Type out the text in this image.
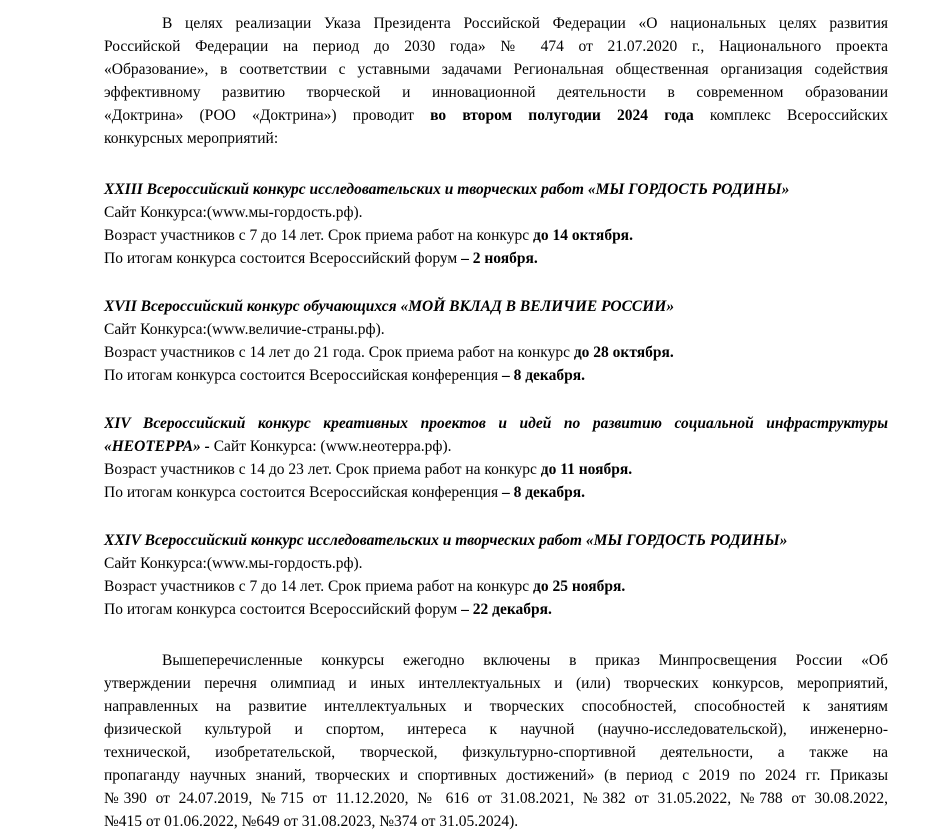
В целях реализации Указа Президента Российской Федерации «О национальных целях развития
Российской Федерации на период до 2030 года» № 474 от 21.07.2020 г., Национального проекта
«Образование», в соответствии с уставными задачами Региональная общественная организация содействия
эффективному развитию творческой и инновационной деятельности в современном образовании
«Доктрина» (РОО «Доктрина») проводит во втором полугодии 2024 года комплекс Всероссийских
конкурсных мероприятий:
XXIII Всероссийский конкурс исследовательских и творческих работ «МЫ ГОРДОСТЬ РОДИНЫ»
Сайт Конкурса:(www.мы-гордость.рф).
Возраст участников с 7 до 14 лет. Срок приема работ на конкурс до 14 октября.
По итогам конкурса состоится Всероссийский форум – 2 ноября.
XVII Всероссийский конкурс обучающихся «МОЙ ВКЛАД В ВЕЛИЧИЕ РОССИИ»
Сайт Конкурса:(www.величие-страны.рф).
Возраст участников с 14 лет до 21 года. Срок приема работ на конкурс до 28 октября.
По итогам конкурса состоится Всероссийская конференция – 8 декабря.
XIV Всероссийский конкурс креативных проектов и идей по развитию социальной инфраструктуры
«НЕОТЕРРА» - Сайт Конкурса: (www.неотерра.рф).
Возраст участников с 14 до 23 лет. Срок приема работ на конкурс до 11 ноября.
По итогам конкурса состоится Всероссийская конференция – 8 декабря.
XXIV Всероссийский конкурс исследовательских и творческих работ «МЫ ГОРДОСТЬ РОДИНЫ»
Сайт Конкурса:(www.мы-гордость.рф).
Возраст участников с 7 до 14 лет. Срок приема работ на конкурс до 25 ноября.
По итогам конкурса состоится Всероссийский форум – 22 декабря.
Вышеперечисленные конкурсы ежегодно включены в приказ Минпросвещения России «Об
утверждении перечня олимпиад и иных интеллектуальных и (или) творческих конкурсов, мероприятий,
направленных на развитие интеллектуальных и творческих способностей, способностей к занятиям
физической культурой и спортом, интереса к научной (научно-исследовательской), инженерно-
технической, изобретательской, творческой, физкультурно-спортивной деятельности, а также на
пропаганду научных знаний, творческих и спортивных достижений» (в период с 2019 по 2024 гг. Приказы
№390 от 24.07.2019, №715 от 11.12.2020, № 616 от 31.08.2021, №382 от 31.05.2022, №788 от 30.08.2022,
№415 от 01.06.2022, №649 от 31.08.2023, №374 от 31.05.2024).
